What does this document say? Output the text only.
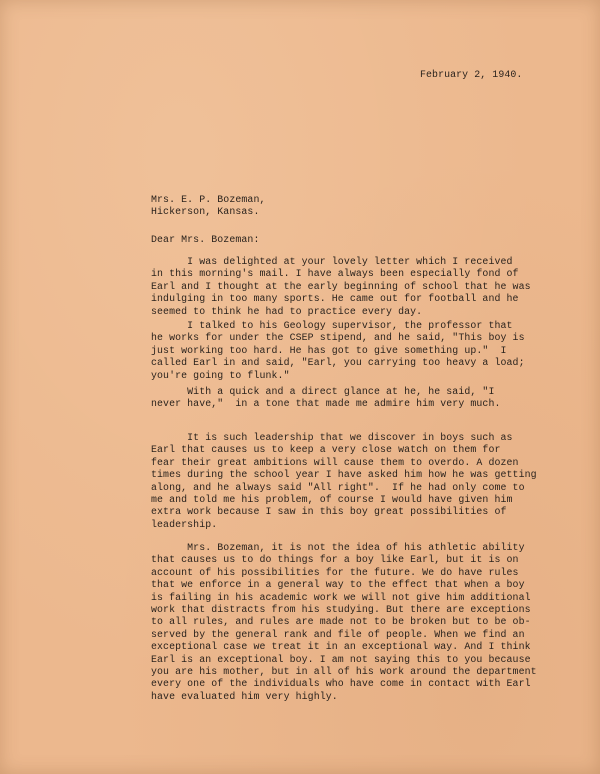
February 2, 1940.
Mrs. E. P. Bozeman,
Hickerson, Kansas.
Dear Mrs. Bozeman:
I was delighted at your lovely letter which I received
in this morning's mail. I have always been especially fond of
Earl and I thought at the early beginning of school that he was
indulging in too many sports. He came out for football and he
seemed to think he had to practice every day.
I talked to his Geology supervisor, the professor that
he works for under the CSEP stipend, and he said, "This boy is
just working too hard. He has got to give something up."  I
called Earl in and said, "Earl, you carrying too heavy a load;
you're going to flunk."
With a quick and a direct glance at he, he said, "I
never have,"  in a tone that made me admire him very much.
It is such leadership that we discover in boys such as
Earl that causes us to keep a very close watch on them for
fear their great ambitions will cause them to overdo. A dozen
times during the school year I have asked him how he was getting
along, and he always said "All right".  If he had only come to
me and told me his problem, of course I would have given him
extra work because I saw in this boy great possibilities of
leadership.
Mrs. Bozeman, it is not the idea of his athletic ability
that causes us to do things for a boy like Earl, but it is on
account of his possibilities for the future. We do have rules
that we enforce in a general way to the effect that when a boy
is failing in his academic work we will not give him additional
work that distracts from his studying. But there are exceptions
to all rules, and rules are made not to be broken but to be ob-
served by the general rank and file of people. When we find an
exceptional case we treat it in an exceptional way. And I think
Earl is an exceptional boy. I am not saying this to you because
you are his mother, but in all of his work around the department
every one of the individuals who have come in contact with Earl
have evaluated him very highly.
